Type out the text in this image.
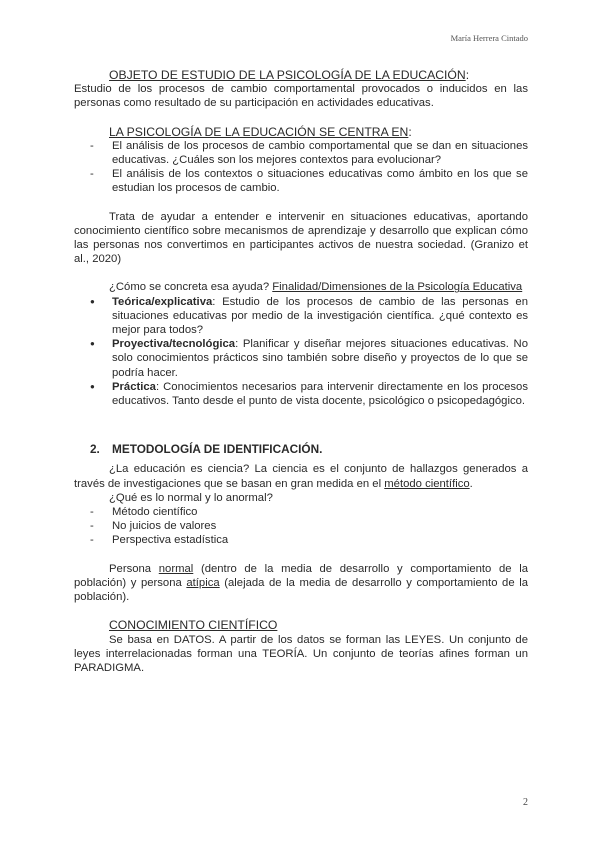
María Herrera Cintado

OBJETO DE ESTUDIO DE LA PSICOLOGÍA DE LA EDUCACIÓN:

Estudio de los procesos de cambio comportamental provocados o inducidos en las personas como resultado de su participación en actividades educativas.

LA PSICOLOGÍA DE LA EDUCACIÓN SE CENTRA EN:

- El análisis de los procesos de cambio comportamental que se dan en situaciones educativas. ¿Cuáles son los mejores contextos para evolucionar?
- El análisis de los contextos o situaciones educativas como ámbito en los que se estudian los procesos de cambio.

Trata de ayudar a entender e intervenir en situaciones educativas, aportando conocimiento científico sobre mecanismos de aprendizaje y desarrollo que explican cómo las personas nos convertimos en participantes activos de nuestra sociedad. (Granizo et al., 2020)

¿Cómo se concreta esa ayuda? Finalidad/Dimensiones de la Psicología Educativa

● Teórica/explicativa: Estudio de los procesos de cambio de las personas en situaciones educativas por medio de la investigación científica. ¿qué contexto es mejor para todos?
● Proyectiva/tecnológica: Planificar y diseñar mejores situaciones educativas. No solo conocimientos prácticos sino también sobre diseño y proyectos de lo que se podría hacer.
● Práctica: Conocimientos necesarios para intervenir directamente en los procesos educativos. Tanto desde el punto de vista docente, psicológico o psicopedagógico.

2. METODOLOGÍA DE IDENTIFICACIÓN.

¿La educación es ciencia? La ciencia es el conjunto de hallazgos generados a través de investigaciones que se basan en gran medida en el método científico.

¿Qué es lo normal y lo anormal?

- Método científico
- No juicios de valores
- Perspectiva estadística

Persona normal (dentro de la media de desarrollo y comportamiento de la población) y persona atípica (alejada de la media de desarrollo y comportamiento de la población).

CONOCIMIENTO CIENTÍFICO

Se basa en DATOS. A partir de los datos se forman las LEYES. Un conjunto de leyes interrelacionadas forman una TEORÍA. Un conjunto de teorías afines forman un PARADIGMA.

2
